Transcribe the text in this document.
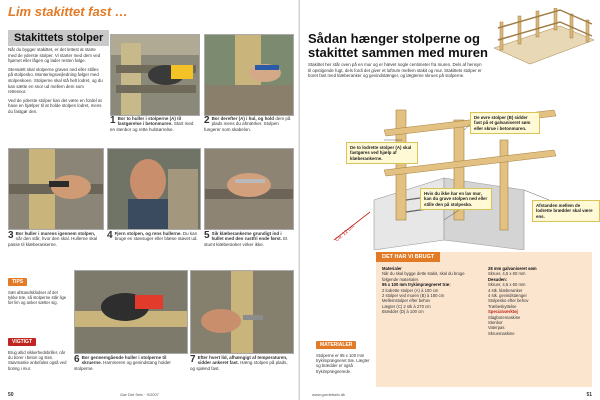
Lim stakittet fast …
Stakittets stolper

Når du bygger stakittet, er det lettest at starte med de yderste stolper. Vi starter med dem ved hjørnet eller lågen og lader resten følge.

Stensætt skal stolperne graves ned eller stilles på stolpesko. Monteringsvejledning følger med stolpeskoen. Stolperne skal stå helt lodret, og du kan sætte en snor ud mellem dem som rettesnor.

Ved de yderste stolper kan det være en fordel at have en hjælper til at holde stolpen lodret, mens du fastgør den.

1 Bor to huller i stolperne (A) til fastgørelse i betonmuren. Start med en stenbor og rette hulstørrelse.
2 Bor derefter (A) i hul, og hold dem på plads mens du afmærker. Stolpen fungerer som skabelon.
3 Bor huller i murens igennem stolpen, når den står, hvor den skal. Hullerne skal passe til klæberankerne.
4 Fjern stolpen, og rens hullerne. Du kan bruge en støvsuger eller blæse støvet ud. 5 Sik klæberankerne grundigt ind i hullet med den rustfri ende først. Et stumt klæberanker virker ikke.
TIPS
Sæt afstandsklodser af det tykke træ, så stolperne står lige før lim og anker sætter sig.
VIGTIGT
Brug altid sikkerhedsbriller, når du borer i beton og sten. Støvmaske anbefales også ved boring i mur.
6 Bor gennemgående huller i stolperne til skruerne. Hammeren og gevindstang holder stolperne.
7 Efter hvert lid, afhængigt af temperaturen, sidder ankeret fast. Hæng stolpen på plads, og spænd fast.
Gør Det Selv · 9/2007
50
Sådan hænger stolperne og stakittet sammen med muren
Stakittet her står oven på en mur og er hævet nogle centimeter fra muren. Dels af hensyn til opstigende fugt, dels fordi det giver et luftrum mellem stakit og mur. Stakittets stolper er boret fast med klæberanker og gevindstænger, og lægterne skrues på stolperne.
Ca. 12 cm
De øvre stolper (B) sidder fast på et galvaniseret søm eller skrue i betonmuren.
De to lodrette stolper (A) skal fastgøres ved hjælp af klæberankerne.
Hvis du ikke har en lav mur, kan du grave stolpen ned eller stille den på stolpesko.	Afstanden mellem de lodrette brædder skal være ens.
MATERIALER
Stolperne er 95 x 100 mm trykimprægneret træ. Lægter og brædder er også trykimprægnerede.
DET HAR VI BRUGT
Materialer
Når du skal bygge dette stakit, skal du bruge følgende materialer.
95 x 100 mm trykimprægneret træ:
2 lodrette stolper (A) à 100 cm
2 stolper ved muren (B) à 180 cm
Mellemstolper efter behov
Lægter (C) 2 stk à 270 cm
Brædder (D) à 100 cm
28 mm galvaniseret søm
Skruer, 4,5 x 60 mm
Desuden:
Skruer, 4,5 x 60 mm
4 stk. klæberanker
4 stk. gevindstænger
Stolpesko efter behov
Træbeskyttelse
Specialværktøj
Slagboremaskine
Stenbor
Vaterpas
Skruemaskine
www.gordetselv.dk	51
